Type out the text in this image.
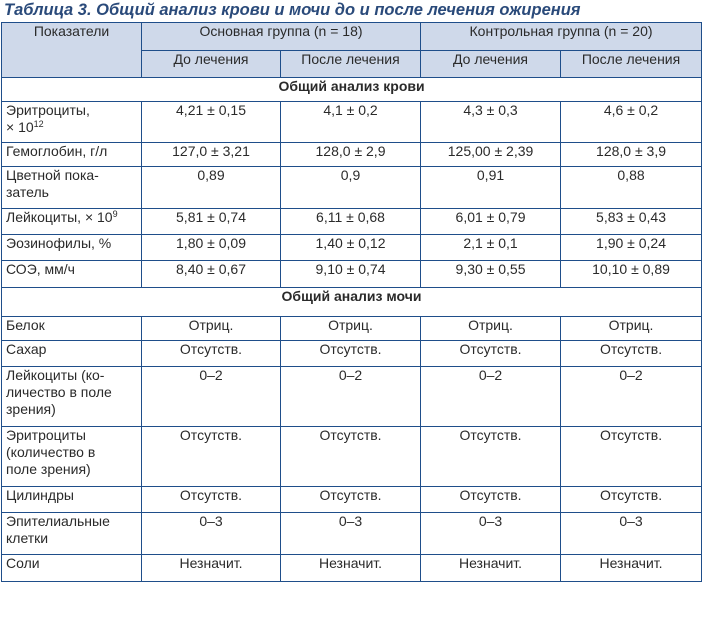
Таблица 3. Общий анализ крови и мочи до и после лечения ожирения
Показатели	Основная группа (n = 18)		Контрольная группа (n = 20)	
	До лечения	После лечения	До лечения	После лечения
Общий анализ крови				
Эритроциты,
× $10^{12}$	4,21 ± 0,15	4,1 ± 0,2	4,3 ± 0,3	4,6 ± 0,2
Гемоглобин, г/л	127,0 ± 3,21	128,0 ± 2,9	125,00 ± 2,39	128,0 ± 3,9
Цветной пока-
затель	0,89	0,9	0,91	0,88
Лейкоциты, × $10^9$	5,81 ± 0,74	6,11 ± 0,68	6,01 ± 0,79	5,83 ± 0,43
Эозинофилы, %	1,80 ± 0,09	1,40 ± 0,12	2,1 ± 0,1	1,90 ± 0,24
СОЭ, мм/ч	8,40 ± 0,67	9,10 ± 0,74	9,30 ± 0,55	10,10 ± 0,89
Общий анализ мочи				
Белок	Отриц.	Отриц.	Отриц.	Отриц.
Сахар	Отсутств.	Отсутств.	Отсутств.	Отсутств.
Лейкоциты (ко-
личество в поле
зрения)	0–2	0–2	0–2	0–2
Эритроциты
(количество в
поле зрения)	Отсутств.	Отсутств.	Отсутств.	Отсутств.
Цилиндры	Отсутств.	Отсутств.	Отсутств.	Отсутств.
Эпителиальные
клетки	0–3	0–3	0–3	0–3
Соли	Незначит.	Незначит.	Незначит.	Незначит.
